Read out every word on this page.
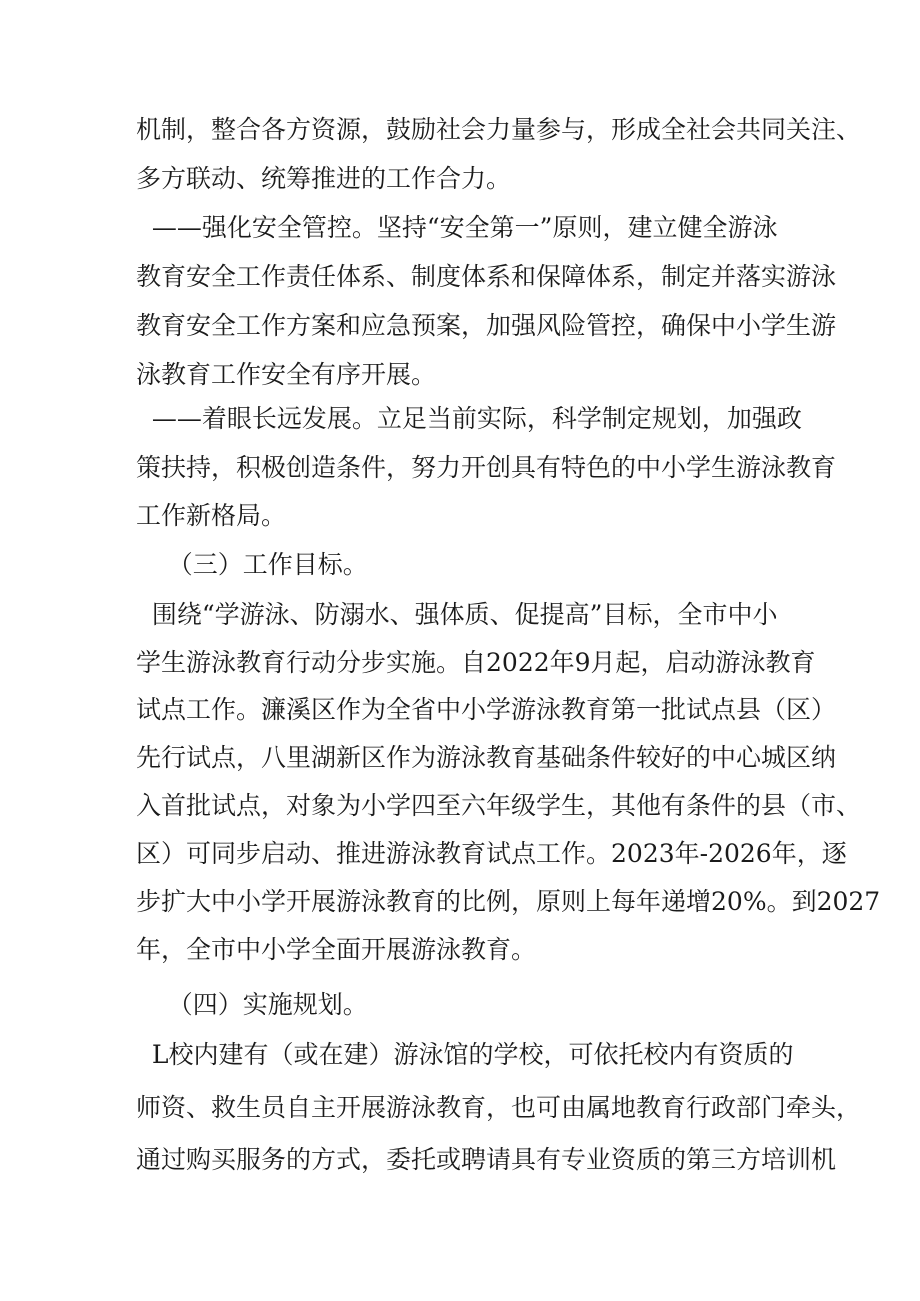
机制，整合各方资源，鼓励社会力量参与，形成全社会共同关注、
多方联动、统筹推进的工作合力。
——强化安全管控。坚持“安全第一”原则，建立健全游泳
教育安全工作责任体系、制度体系和保障体系，制定并落实游泳
教育安全工作方案和应急预案，加强风险管控，确保中小学生游
泳教育工作安全有序开展。
——着眼长远发展。立足当前实际，科学制定规划，加强政
策扶持，积极创造条件，努力开创具有特色的中小学生游泳教育
工作新格局。
（三）工作目标。
围绕“学游泳、防溺水、强体质、促提高”目标，全市中小
学生游泳教育行动分步实施。自2022年9月起，启动游泳教育
试点工作。濂溪区作为全省中小学游泳教育第一批试点县（区）
先行试点，八里湖新区作为游泳教育基础条件较好的中心城区纳
入首批试点，对象为小学四至六年级学生，其他有条件的县（市、
区）可同步启动、推进游泳教育试点工作。2023年-2026年，逐
步扩大中小学开展游泳教育的比例，原则上每年递增20%。到2027
年，全市中小学全面开展游泳教育。
（四）实施规划。
L校内建有（或在建）游泳馆的学校，可依托校内有资质的
师资、救生员自主开展游泳教育，也可由属地教育行政部门牵头，
通过购买服务的方式，委托或聘请具有专业资质的第三方培训机
